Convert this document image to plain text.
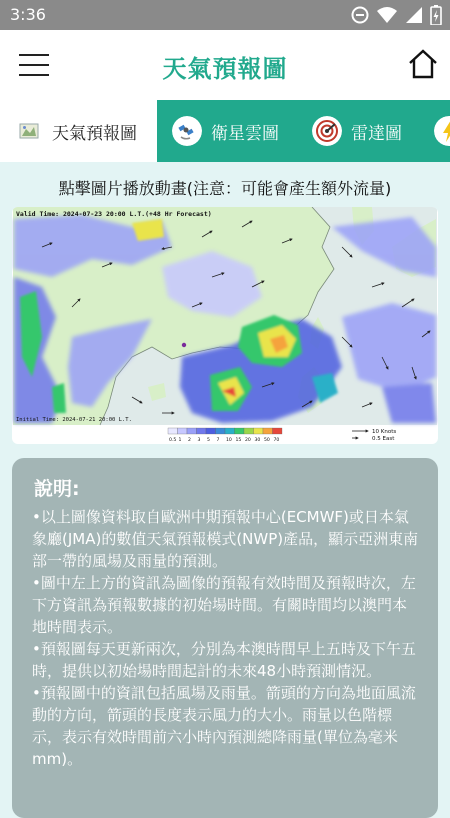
3:36
天氣預報圖
天氣預報圖	衛星雲圖	雷達圖
點擊圖片播放動畫(注意：可能會產生額外流量)
Valid Time: 2024-07-23 20:00 L.T.(+48 Hr Forecast)
Initial Time: 2024-07-21 20:00 L.T.
10 Knots
0.5 East
0.5 1 2 3 5 7 10 15 20 30 50 70
說明:
•以上圖像資料取自歐洲中期預報中心(ECMWF)或日本氣象廳(JMA)的數值天氣預報模式(NWP)產品，顯示亞洲東南部一帶的風場及雨量的預測。
•圖中左上方的資訊為圖像的預報有效時間及預報時次，左下方資訊為預報數據的初始場時間。有關時間均以澳門本地時間表示。
•預報圖每天更新兩次，分別為本澳時間早上五時及下午五時，提供以初始場時間起計的未來48小時預測情況。
•預報圖中的資訊包括風場及雨量。箭頭的方向為地面風流動的方向，箭頭的長度表示風力的大小。雨量以色階標示，表示有效時間前六小時內預測總降雨量(單位為毫米mm)。
